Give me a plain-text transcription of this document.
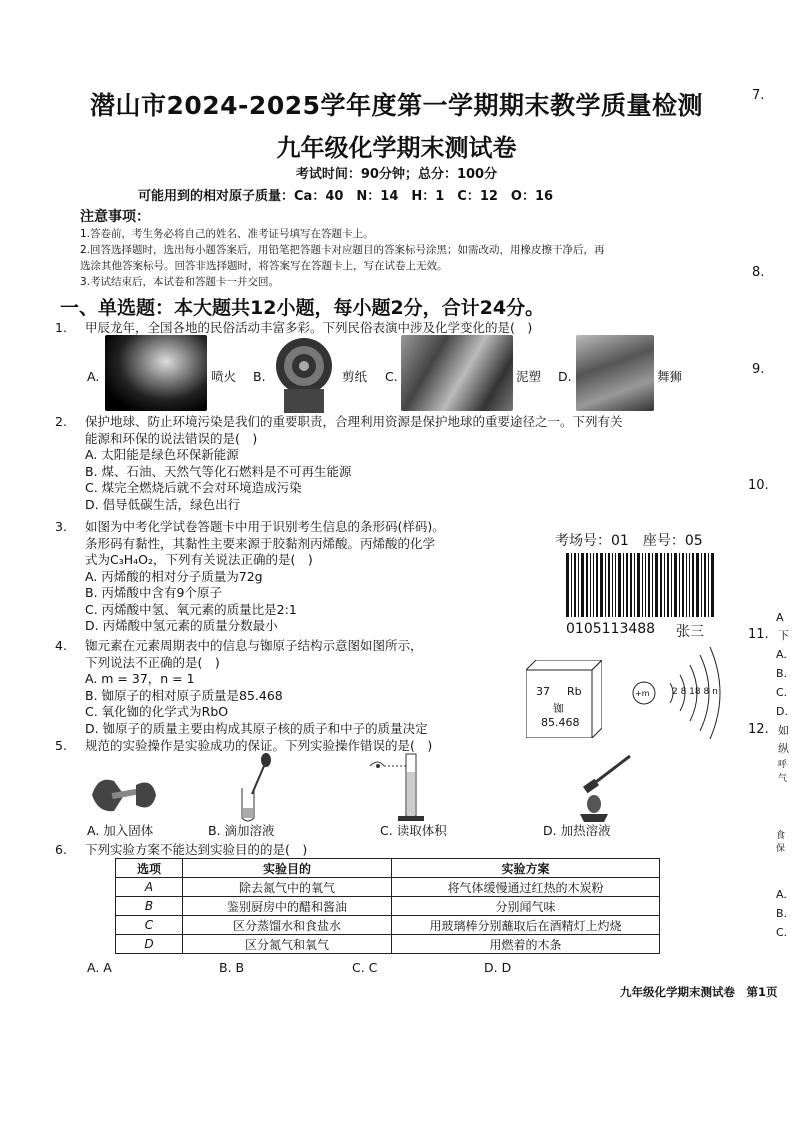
潜山市2024-2025学年度第一学期期末教学质量检测
九年级化学期末测试卷
考试时间：90分钟；总分：100分
可能用到的相对原子质量：Ca：40　N：14　H：1　C：12　O：16
注意事项：
1.答卷前，考生务必将自己的姓名、准考证号填写在答题卡上。
2.回答选择题时，选出每小题答案后，用铅笔把答题卡对应题目的答案标号涂黑；如需改动，用橡皮擦干净后，再
选涂其他答案标号。回答非选择题时，将答案写在答题卡上，写在试卷上无效。
3.考试结束后，本试卷和答题卡一并交回。
一、单选题：本大题共12小题，每小题2分，合计24分。
1. 甲辰龙年，全国各地的民俗活动丰富多彩。下列民俗表演中涉及化学变化的是(　)
A.	喷火 B.	剪纸 C.	泥塑 D.	舞狮
2. 保护地球、防止环境污染是我们的重要职责，合理利用资源是保护地球的重要途径之一。下列有关
能源和环保的说法错误的是(　)
A. 太阳能是绿色环保新能源
B. 煤、石油、天然气等化石燃料是不可再生能源
C. 煤完全燃烧后就不会对环境造成污染
D. 倡导低碳生活，绿色出行
3. 如图为中考化学试卷答题卡中用于识别考生信息的条形码(样码)。
条形码有黏性，其黏性主要来源于胶黏剂丙烯酸。丙烯酸的化学
式为C₃H₄O₂，下列有关说法正确的是(　)
A. 丙烯酸的相对分子质量为72g
B. 丙烯酸中含有9个原子
C. 丙烯酸中氢、氧元素的质量比是2:1
D. 丙烯酸中氢元素的质量分数最小
考场号：01　座号：05
0105113488 张三
4. 铷元素在元素周期表中的信息与铷原子结构示意图如图所示，
下列说法不正确的是(　)
A. m = 37，n = 1
B. 铷原子的相对原子质量是85.468
C. 氧化铷的化学式为RbO
D. 铷原子的质量主要由构成其原子核的质子和中子的质量决定
37 Rb
铷
85.468
+m	2 8 18 8 n
5. 规范的实验操作是实验成功的保证。下列实验操作错误的是(　)
A. 加入固体	B. 滴加溶液	C. 读取体积	D. 加热溶液
6. 下列实验方案不能达到实验目的的是(　)
选项	实验目的	实验方案
A	除去氮气中的氧气	将气体缓慢通过红热的木炭粉
B	鉴别厨房中的醋和酱油	分别闻气味
C	区分蒸馏水和食盐水	用玻璃棒分别蘸取后在酒精灯上灼烧
D	区分氮气和氧气	用燃着的木条
A. A	B. B	C. C	D. D
九年级化学期末测试卷　第1页
7.
8.
9.
10.
11.
12.
A
下
A.
B.
C.
D.
如
纵
呼
气
食
保
A.
B.
C.
